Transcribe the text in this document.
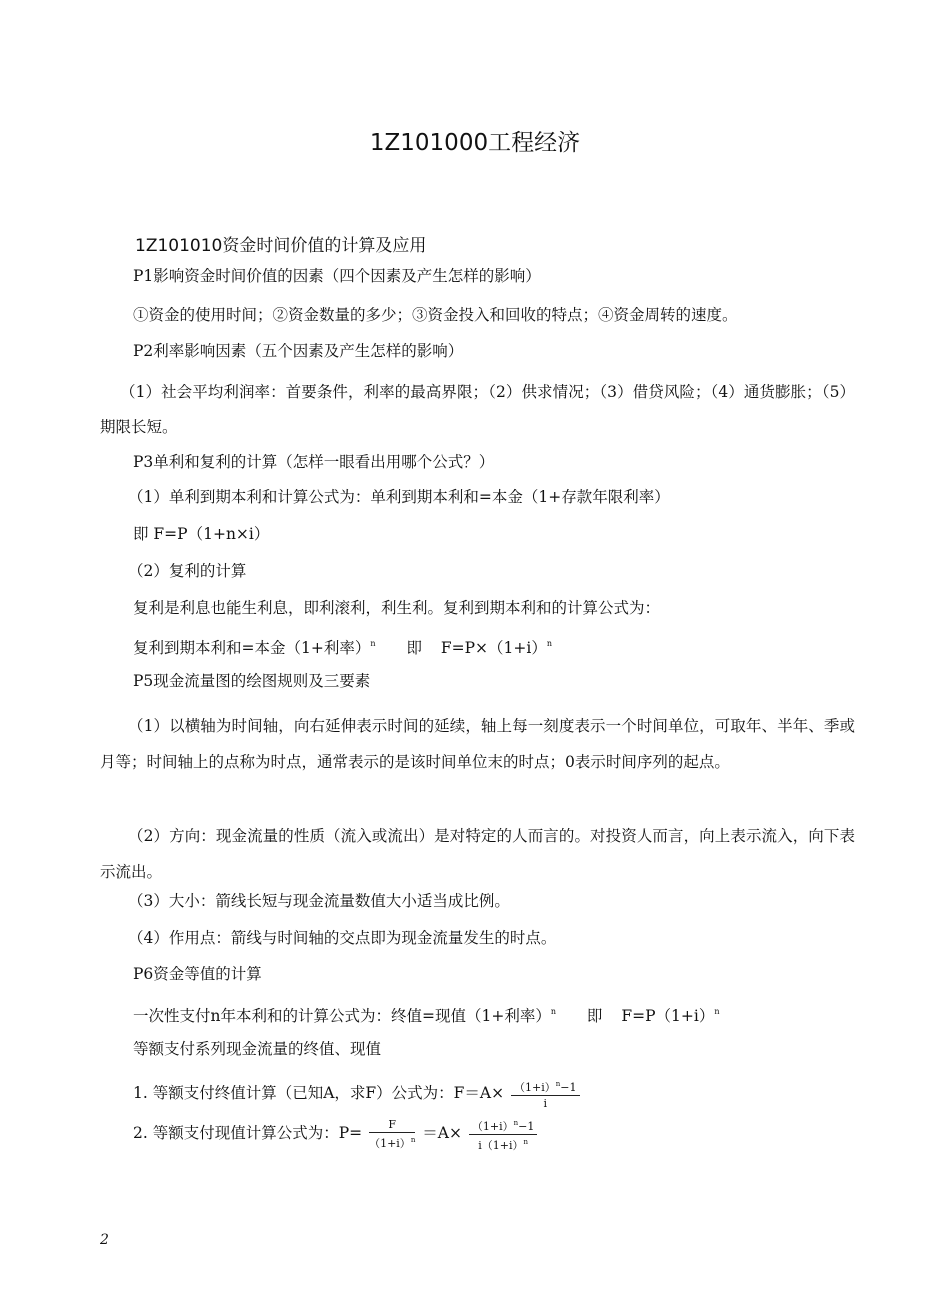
1Z101000工程经济
1Z101010资金时间价值的计算及应用
P1影响资金时间价值的因素（四个因素及产生怎样的影响）
①资金的使用时间；②资金数量的多少；③资金投入和回收的特点；④资金周转的速度。
P2利率影响因素（五个因素及产生怎样的影响）
（1）社会平均利润率：首要条件，利率的最高界限；（2）供求情况；（3）借贷风险；（4）通货膨胀；（5）期限长短。
P3单利和复利的计算（怎样一眼看出用哪个公式？）
（1）单利到期本利和计算公式为：单利到期本利和=本金（1+存款年限利率）
即 F=P（1+n×i）
（2）复利的计算
复利是利息也能生利息，即利滚利，利生利。复利到期本利和的计算公式为：
复利到期本利和=本金（1+利率）$^n$ 即 $F=P\times(1+i)^n$
P5现金流量图的绘图规则及三要素
（1）以横轴为时间轴，向右延伸表示时间的延续，轴上每一刻度表示一个时间单位，可取年、半年、季或月等；时间轴上的点称为时点，通常表示的是该时间单位末的时点；0表示时间序列的起点。
（2）方向：现金流量的性质（流入或流出）是对特定的人而言的。对投资人而言，向上表示流入，向下表示流出。
（3）大小：箭线长短与现金流量数值大小适当成比例。
（4）作用点：箭线与时间轴的交点即为现金流量发生的时点。
P6资金等值的计算
一次性支付n年本利和的计算公式为：终值=现值（1+利率）$^n$ 即 $F=P(1+i)^n$
等额支付系列现金流量的终值、现值
1. 等额支付终值计算（已知A，求F）公式为：$F=A\times \frac{(1+i)^n-1}{i}$
2. 等额支付现值计算公式为：$P= \frac{F}{(1+i)^n} =A\times \frac{(1+i)^n-1}{i(1+i)^n}$
2
